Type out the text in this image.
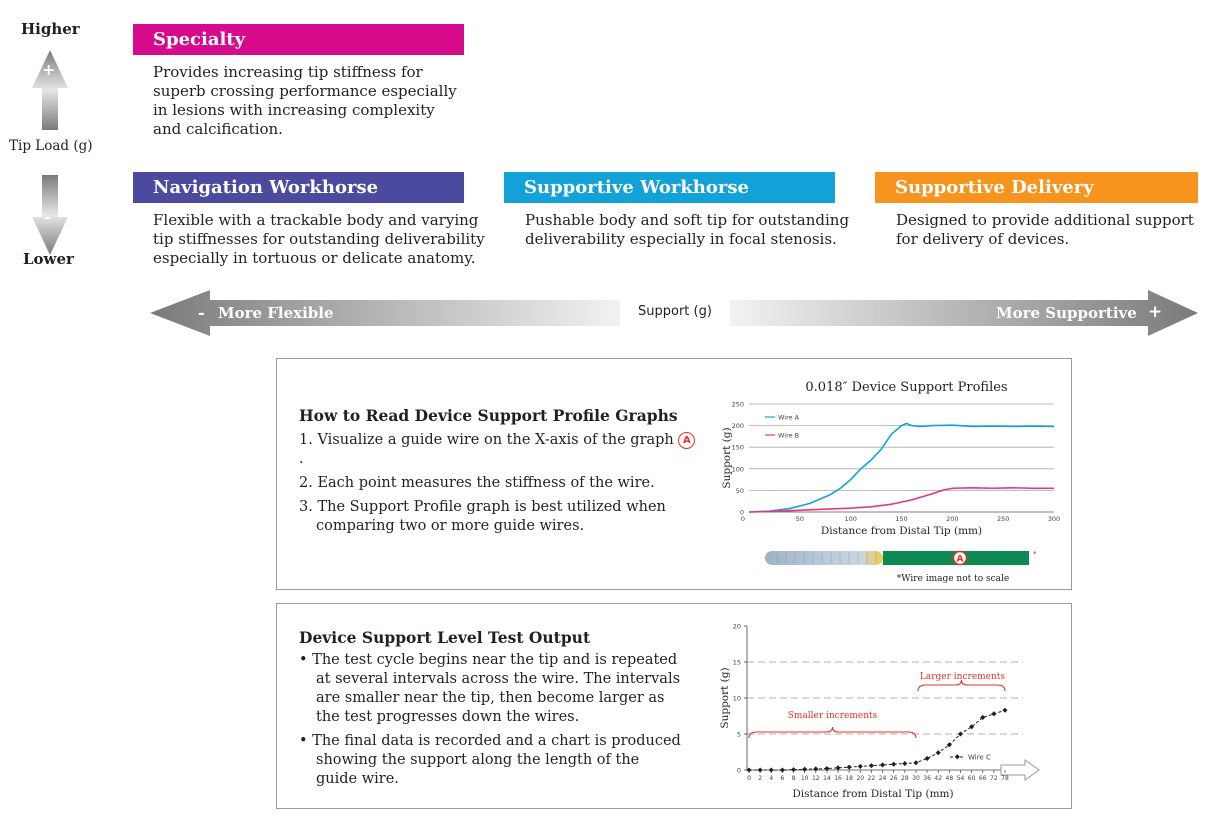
Higher
+
-
Tip Load (g)
Lower
Specialty
Provides increasing tip stiffness for
superb crossing performance especially
in lesions with increasing complexity
and calcification.
Navigation Workhorse
Flexible with a trackable body and varying
tip stiffnesses for outstanding deliverability
especially in tortuous or delicate anatomy.
Supportive Workhorse
Pushable body and soft tip for outstanding
deliverability especially in focal stenosis.
Supportive Delivery
Designed to provide additional support
for delivery of devices.
- More Flexible	Support (g)	More Supportive +
How to Read Device Support Profile Graphs
1. Visualize a guide wire on the X-axis of the graph A.
2. Each point measures the stiffness of the wire.
3. The Support Profile graph is best utilized when
comparing two or more guide wires.
0.018″ Device Support Profiles
0
50
100
150
200
250
50	100	150	200	250	300
0
Distance from Distal Tip (mm)
Support (g)
Wire A
Wire B
A
*
*Wire image not to scale
Device Support Level Test Output
• The test cycle begins near the tip and is repeated
at several intervals across the wire. The intervals
are smaller near the tip, then become larger as
the test progresses down the wires.
• The final data is recorded and a chart is produced
showing the support along the length of the
guide wire.
0
5
10
15
20
0 2 4 6 8 10 12 14 16 18 20 22 24 26 28 30 36 42 48 54 60 66 72 78
Distance from Distal Tip (mm)
Support (g)
Wire C
Smaller increments
Larger increments
